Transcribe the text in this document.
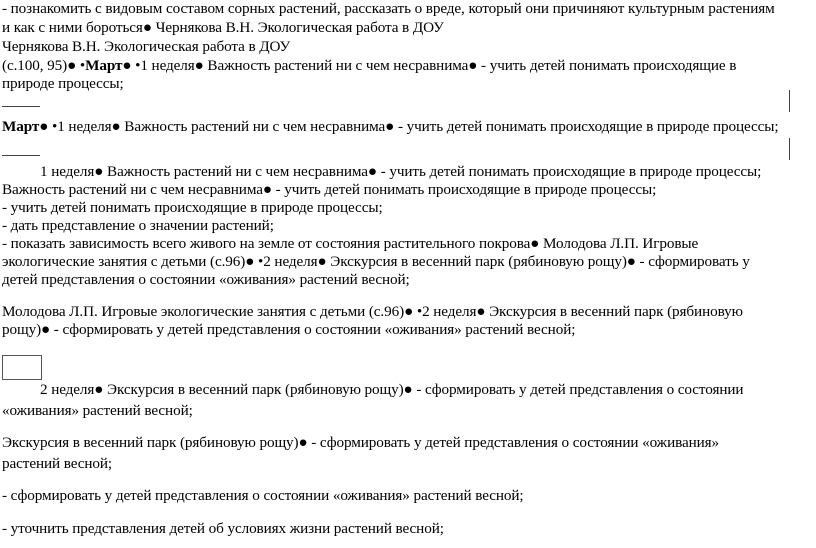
- познакомить с видовым составом сорных растений, рассказать о вреде, который они причиняют культурным растениям
и как с ними бороться● Чернякова В.Н. Экологическая работа в ДОУ
Чернякова В.Н. Экологическая работа в ДОУ
(с.100, 95)● •Март● •1 неделя● Важность растений ни с чем несравнима● - учить детей понимать происходящие в
природе процессы;
Март● •1 неделя● Важность растений ни с чем несравнима● - учить детей понимать происходящие в природе процессы;
1 неделя● Важность растений ни с чем несравнима● - учить детей понимать происходящие в природе процессы;
Важность растений ни с чем несравнима● - учить детей понимать происходящие в природе процессы;
- учить детей понимать происходящие в природе процессы;
- дать представление о значении растений;
- показать зависимость всего живого на земле от состояния растительного покрова● Молодова Л.П. Игровые
экологические занятия с детьми (с.96)● •2 неделя● Экскурсия в весенний парк (рябиновую рощу)● - сформировать у
детей представления о состоянии «оживания» растений весной;
Молодова Л.П. Игровые экологические занятия с детьми (с.96)● •2 неделя● Экскурсия в весенний парк (рябиновую
рощу)● - сформировать у детей представления о состоянии «оживания» растений весной;
2 неделя● Экскурсия в весенний парк (рябиновую рощу)● - сформировать у детей представления о состоянии
«оживания» растений весной;
Экскурсия в весенний парк (рябиновую рощу)● - сформировать у детей представления о состоянии «оживания»
растений весной;
- сформировать у детей представления о состоянии «оживания» растений весной;
- уточнить представления детей об условиях жизни растений весной;
